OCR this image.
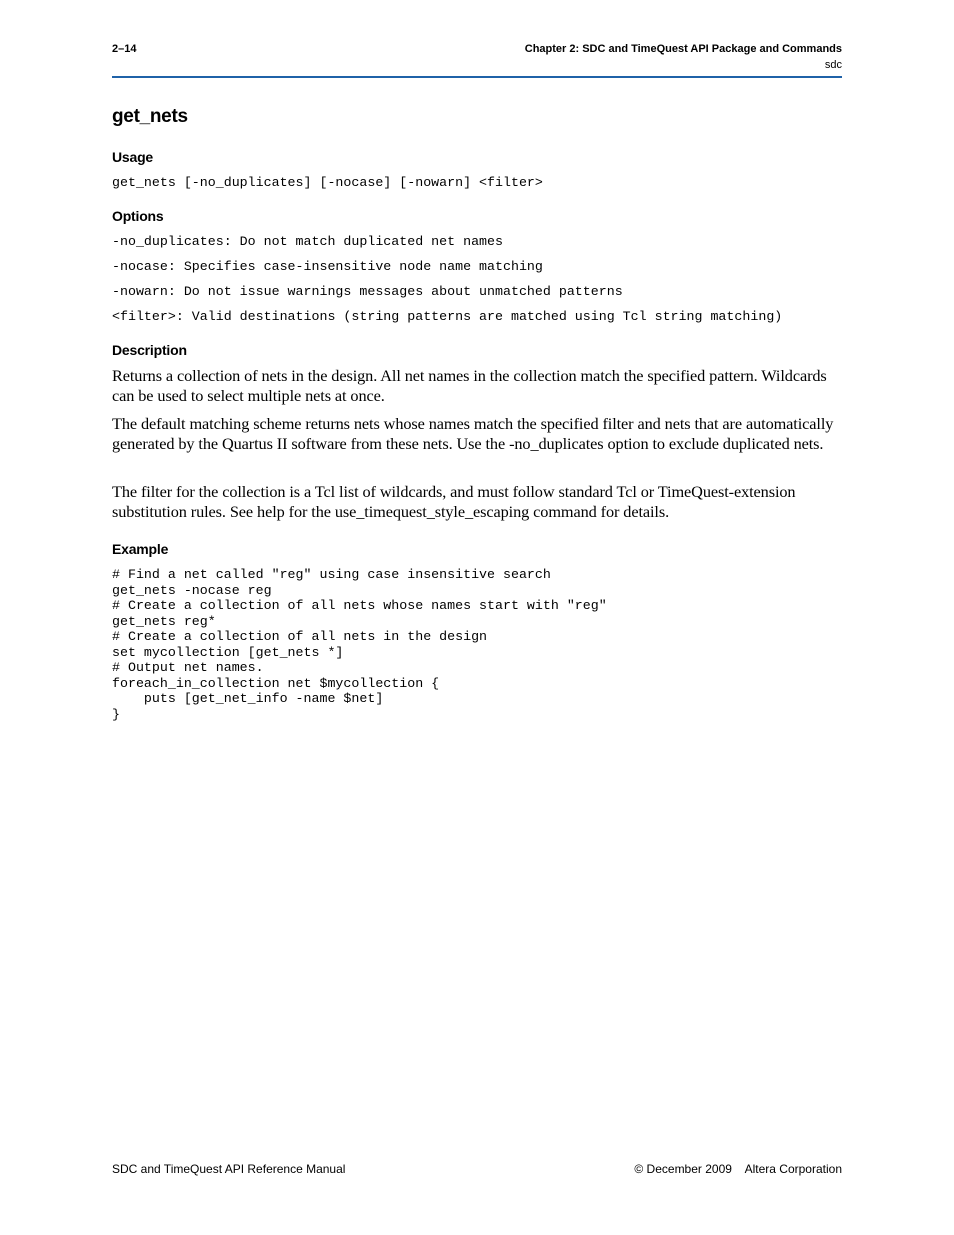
2–14	Chapter 2: SDC and TimeQuest API Package and Commands
sdc
get_nets
Usage
get_nets [-no_duplicates] [-nocase] [-nowarn] <filter>
Options
-no_duplicates: Do not match duplicated net names
-nocase: Specifies case-insensitive node name matching
-nowarn: Do not issue warnings messages about unmatched patterns
<filter>: Valid destinations (string patterns are matched using Tcl string matching)
Description
Returns a collection of nets in the design. All net names in the collection match the specified pattern. Wildcards can be used to select multiple nets at once.
The default matching scheme returns nets whose names match the specified filter and nets that are automatically generated by the Quartus II software from these nets. Use the -no_duplicates option to exclude duplicated nets.
The filter for the collection is a Tcl list of wildcards, and must follow standard Tcl or TimeQuest-extension substitution rules. See help for the use_timequest_style_escaping command for details.
Example
# Find a net called "reg" using case insensitive search
get_nets -nocase reg
# Create a collection of all nets whose names start with "reg"
get_nets reg*
# Create a collection of all nets in the design
set mycollection [get_nets *]
# Output net names.
foreach_in_collection net $mycollection {
puts [get_net_info -name $net]
}
SDC and TimeQuest API Reference Manual	© December 2009    Altera Corporation
